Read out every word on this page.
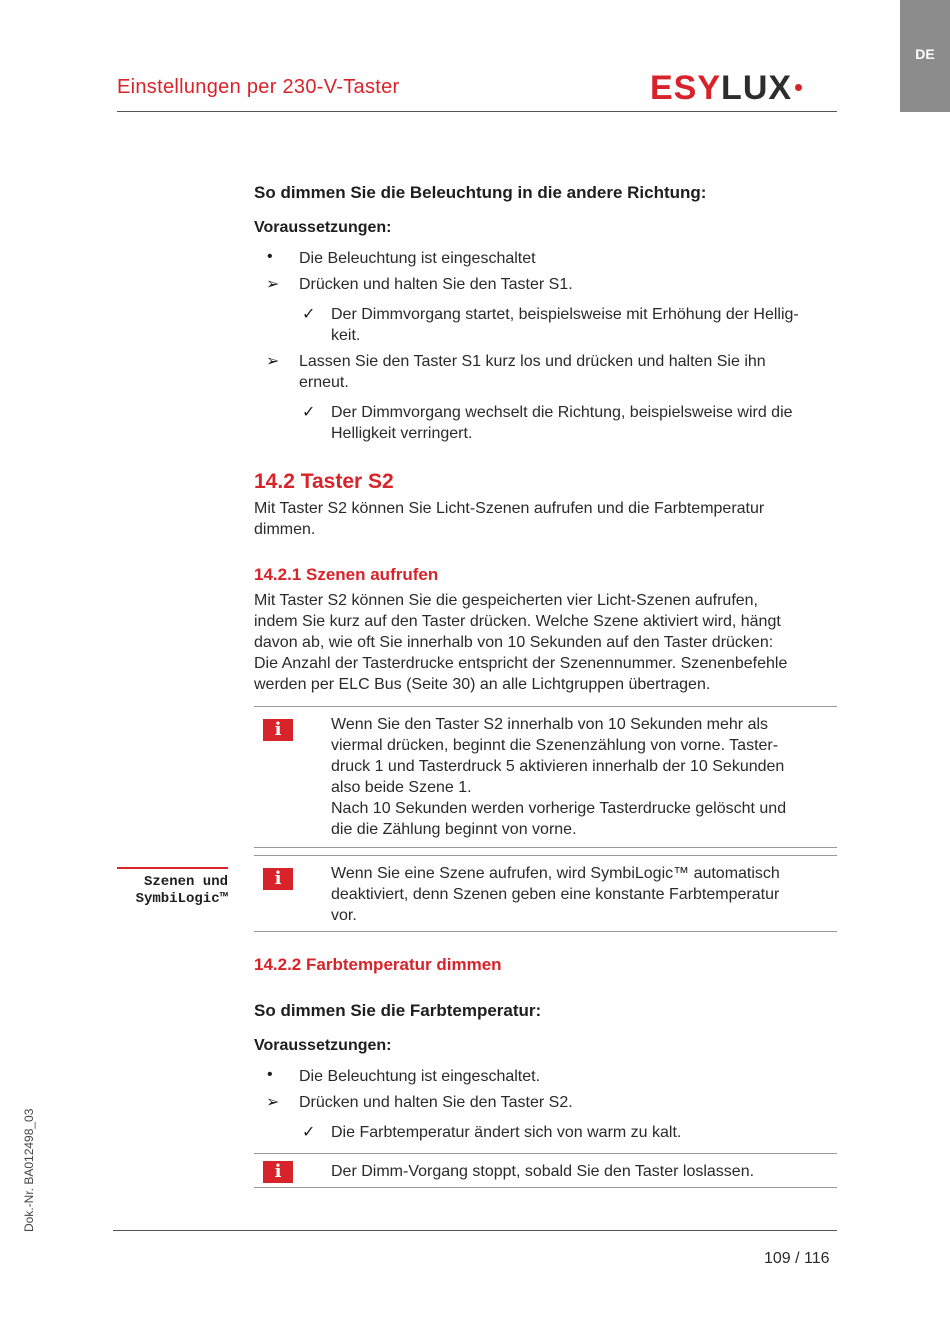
DE
Einstellungen per 230-V-Taster	ESYLUX
So dimmen Sie die Beleuchtung in die andere Richtung:
Voraussetzungen:
• Die Beleuchtung ist eingeschaltet
➢ Drücken und halten Sie den Taster S1.
✓ Der Dimmvorgang startet, beispielsweise mit Erhöhung der Hellig-
keit.
➢ Lassen Sie den Taster S1 kurz los und drücken und halten Sie ihn
erneut.
✓ Der Dimmvorgang wechselt die Richtung, beispielsweise wird die
Helligkeit verringert.
14.2 Taster S2
Mit Taster S2 können Sie Licht-Szenen aufrufen und die Farbtemperatur
dimmen.
14.2.1 Szenen aufrufen
Mit Taster S2 können Sie die gespeicherten vier Licht-Szenen aufrufen,
indem Sie kurz auf den Taster drücken. Welche Szene aktiviert wird, hängt
davon ab, wie oft Sie innerhalb von 10 Sekunden auf den Taster drücken:
Die Anzahl der Tasterdrucke entspricht der Szenennummer. Szenenbefehle
werden per ELC Bus (Seite 30) an alle Lichtgruppen übertragen.
i	Wenn Sie den Taster S2 innerhalb von 10 Sekunden mehr als
viermal drücken, beginnt die Szenenzählung von vorne. Taster-
druck 1 und Tasterdruck 5 aktivieren innerhalb der 10 Sekunden
also beide Szene 1.
Nach 10 Sekunden werden vorherige Tasterdrucke gelöscht und
die die Zählung beginnt von vorne.
Szenen und
SymbiLogic™
i	Wenn Sie eine Szene aufrufen, wird SymbiLogic™ automatisch
deaktiviert, denn Szenen geben eine konstante Farbtemperatur
vor.
14.2.2 Farbtemperatur dimmen
So dimmen Sie die Farbtemperatur:
Voraussetzungen:
• Die Beleuchtung ist eingeschaltet.
➢ Drücken und halten Sie den Taster S2.
✓ Die Farbtemperatur ändert sich von warm zu kalt.
i	Der Dimm-Vorgang stoppt, sobald Sie den Taster loslassen.
Dok.-Nr. BA012498_03
109 / 116
